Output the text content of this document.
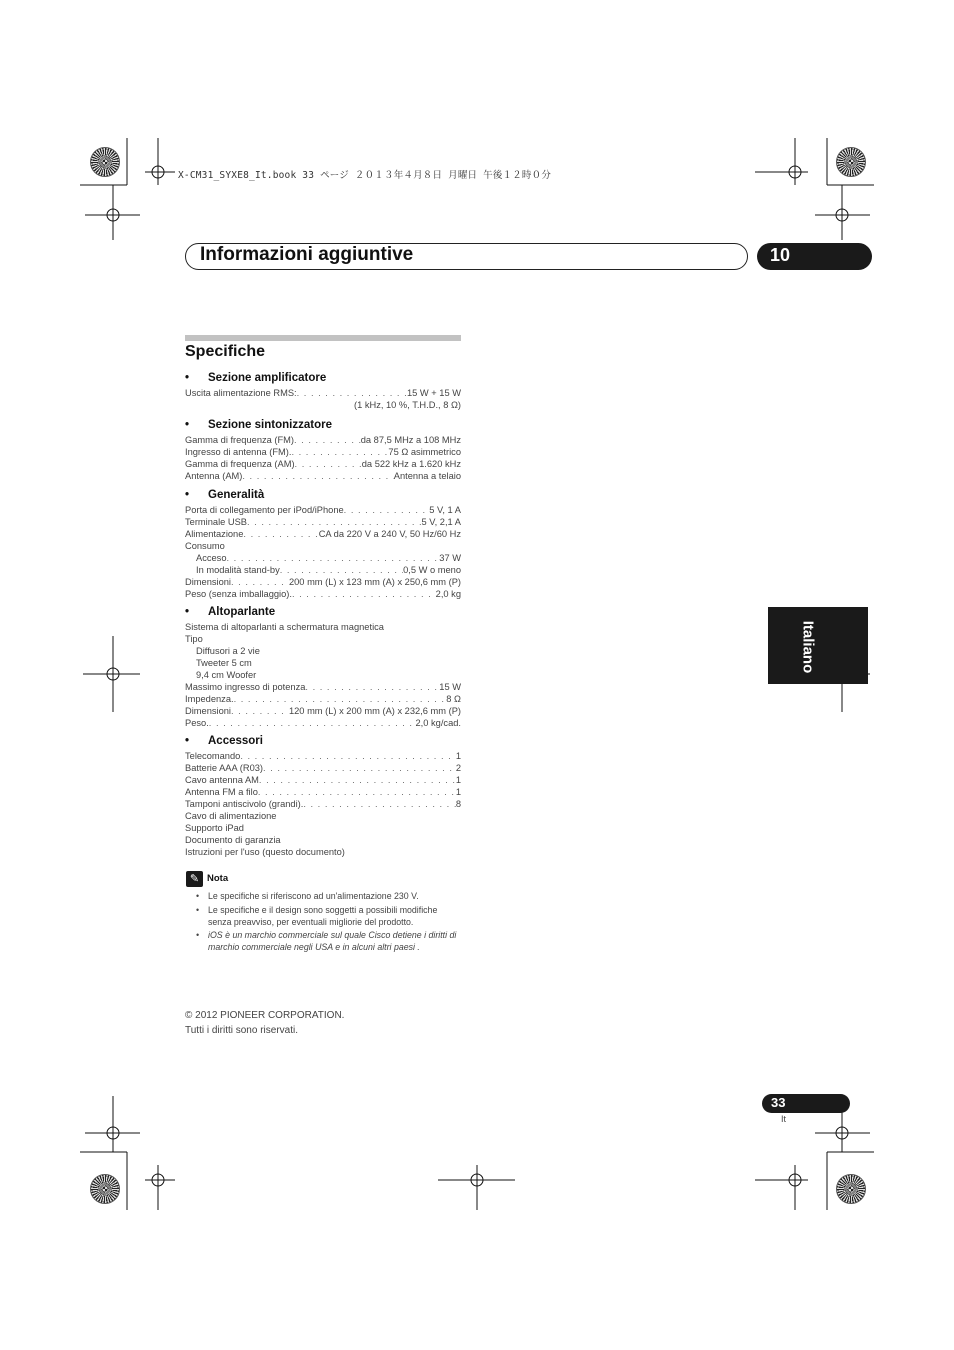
X-CM31_SYXE8_It.book 33 ページ ２０１３年４月８日 月曜日 午後１２時０分
Informazioni aggiuntive	10
Specifiche
• Sezione amplificatore
Uscita alimentazione RMS: . . .	15 W + 15 W
(1 kHz, 10 %, T.H.D., 8 Ω)
• Sezione sintonizzatore
Gamma di frequenza (FM) . . .	da 87,5 MHz a 108 MHz
Ingresso di antenna (FM). . . .	75 Ω asimmetrico
Gamma di frequenza (AM) . . .	da 522 kHz a 1.620 kHz
Antenna (AM) . . .	Antenna a telaio
• Generalità
Porta di collegamento per iPod/iPhone . . .	5 V, 1 A
Terminale USB . . .	5 V, 2,1 A
Alimentazione . . .	CA da 220 V a 240 V, 50 Hz/60 Hz
Consumo
Acceso . . .	37 W
In modalità stand-by . . .	0,5 W o meno
Dimensioni . . .	200 mm (L) x 123 mm (A) x 250,6 mm (P)
Peso (senza imballaggio). . . .	2,0 kg
• Altoparlante
Sistema di altoparlanti a schermatura magnetica
Tipo
Diffusori a 2 vie
Tweeter 5 cm
9,4 cm Woofer
Massimo ingresso di potenza . . .	15 W
Impedenza. . . .	8 Ω
Dimensioni . . .	120 mm (L) x 200 mm (A) x 232,6 mm (P)
Peso. . . .	2,0 kg/cad.
• Accessori
Telecomando . . .	1
Batterie AAA (R03) . . .	2
Cavo antenna AM . . .	1
Antenna FM a filo . . .	1
Tamponi antiscivolo (grandi). . . .	8
Cavo di alimentazione
Supporto iPad
Documento di garanzia
Istruzioni per l'uso (questo documento)
✎ Nota
• Le specifiche si riferiscono ad un'alimentazione 230 V.
• Le specifiche e il design sono soggetti a possibili modifiche senza preavviso, per eventuali migliorie del prodotto.
• iOS è un marchio commerciale sul quale Cisco detiene i diritti di marchio commerciale negli USA e in alcuni altri paesi .
© 2012 PIONEER CORPORATION.
Tutti i diritti sono riservati.
Italiano
33
It
